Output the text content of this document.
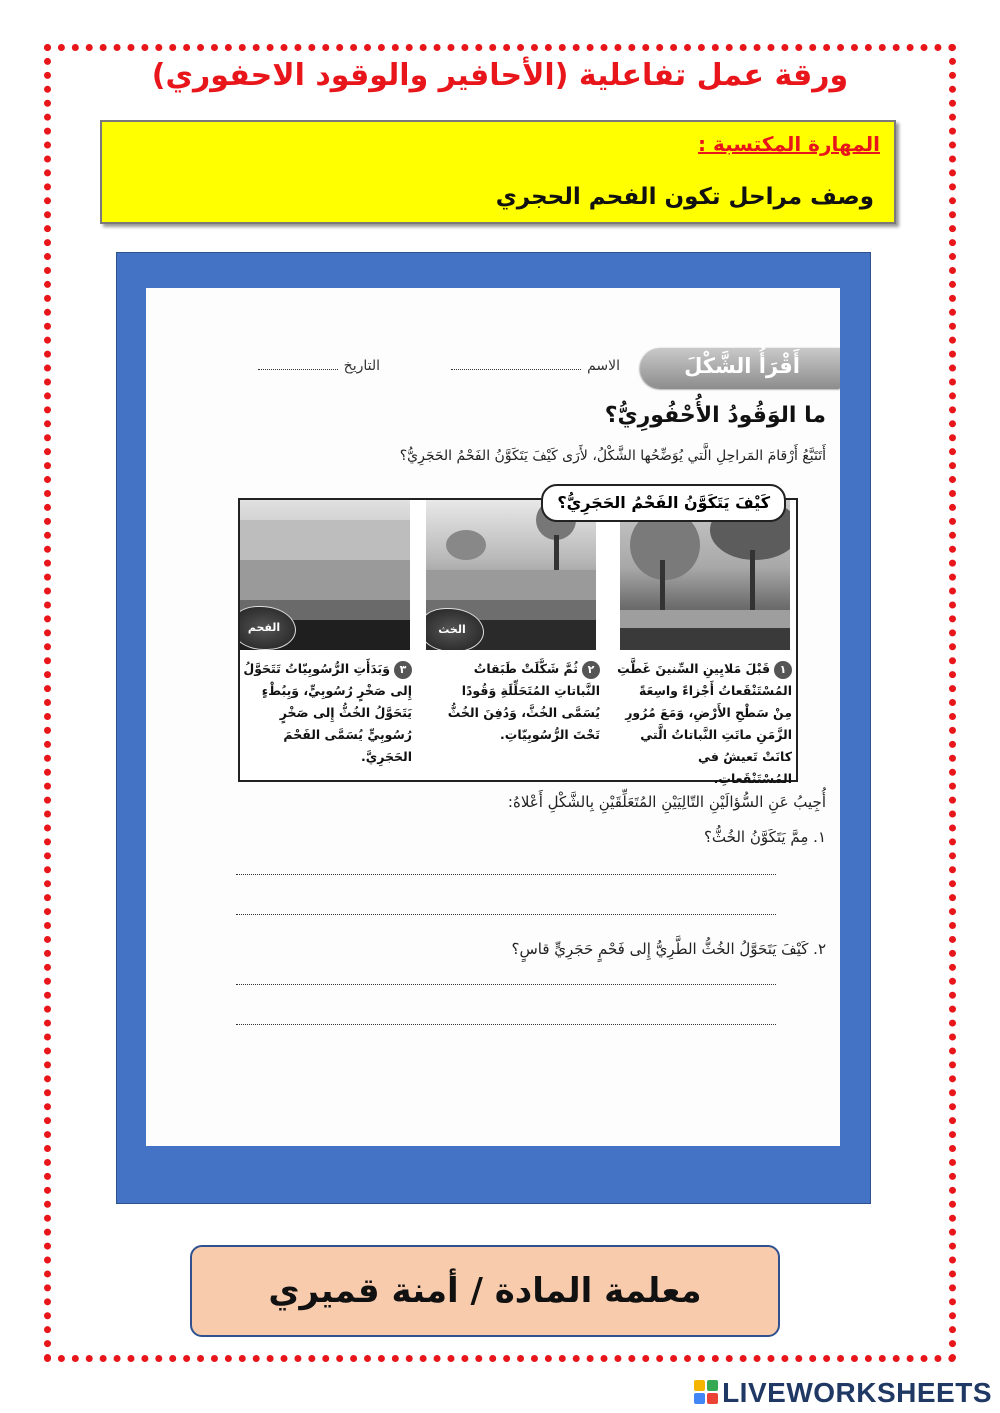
ورقة عمل تفاعلية (الأحافير والوقود الاحفوري)
المهارة المكتسبة :
وصف مراحل تكون الفحم الحجري
أَقْرَأُ الشَّكْلَ
الاسم
التاريخ
ما الوَقُودُ الأُحْفُورِيُّ؟
أَتَتَبَّعُ أَرْقامَ المَراحِلِ الَّتي يُوَضِّحُها الشَّكْلُ، لأَرَى كَيْفَ يَتَكَوَّنُ الفَحْمُ الحَجَرِيُّ؟
الخث
الفحم
كَيْفَ يَتَكَوَّنُ الفَحْمُ الحَجَرِيُّ؟
١قَبْلَ مَلايِينِ السِّنينَ غَطَّتِ المُسْتَنْقَعاتُ أَجْزاءً واسِعَةً مِنْ سَطْحِ الأَرْضِ، وَمَعَ مُرُورِ الزَّمَنِ ماتَتِ النَّباتاتُ الَّتي كانَتْ تَعيشُ في المُسْتَنْقَعاتِ.
٢ثُمَّ شَكَّلَتْ طَبَقاتُ النَّباتاتِ المُتَحَلِّلَةِ وَقُودًا يُسَمَّى الخُثَّ، وَدُفِنَ الخُثُّ تَحْتَ الرُّسُوبِيّاتِ.
٣وَبَدَأَتِ الرُّسُوبِيّاتُ تَتَحَوَّلُ إِلى صَخْرٍ رُسُوبِيٍّ، وَبِبُطْءٍ يَتَحَوَّلُ الخُثُّ إِلى صَخْرٍ رُسُوبِيٍّ يُسَمَّى الفَحْمَ الحَجَرِيَّ.
أُجِيبُ عَنِ السُّؤالَيْنِ التّالِيَيْنِ المُتَعَلِّقَيْنِ بِالشَّكْلِ أَعْلاهُ:
١. مِمَّ يَتَكَوَّنُ الخُثُّ؟
٢. كَيْفَ يَتَحَوَّلُ الخُثُّ الطَّرِيُّ إِلى فَحْمٍ حَجَرِيٍّ قاسٍ؟
معلمة المادة / أمنة قميري
LIVEWORKSHEETS
